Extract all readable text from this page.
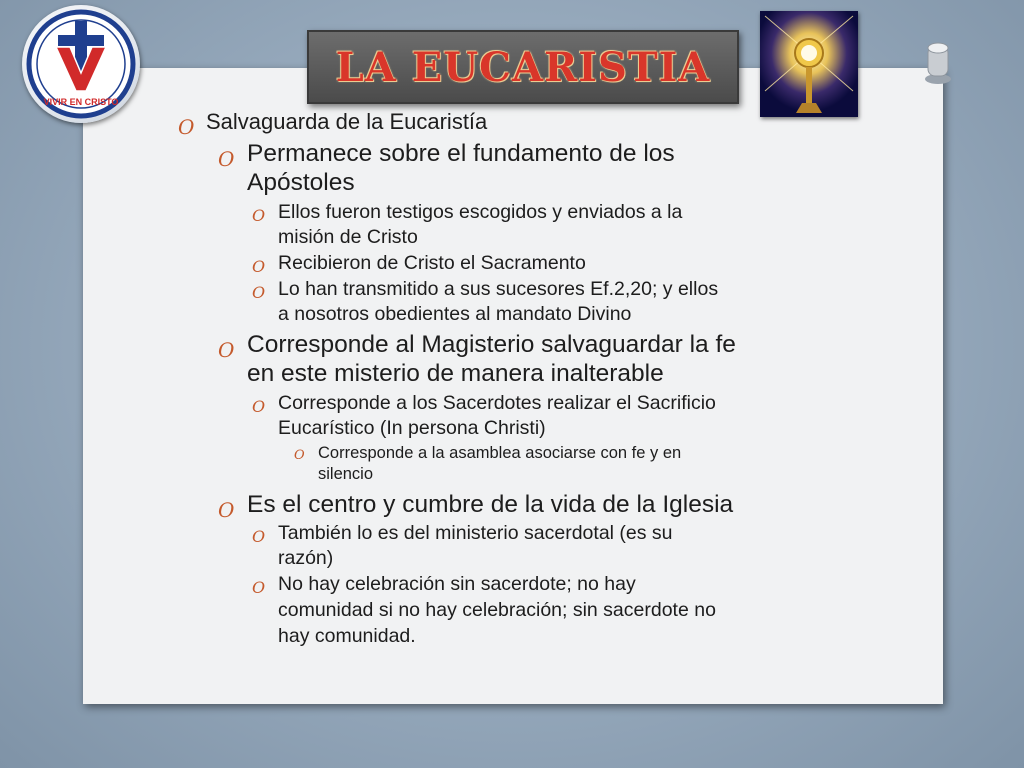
VIVIR EN CRISTO
LA EUCARISTIA
O Salvaguarda de la Eucaristía
O Permanece sobre el fundamento de los
Apóstoles
O Ellos fueron testigos escogidos y enviados a la
misión de Cristo
O Recibieron de Cristo el Sacramento
O Lo han transmitido a sus sucesores Ef.2,20; y ellos
a nosotros obedientes al mandato Divino
O Corresponde al Magisterio salvaguardar la fe
en este misterio de manera inalterable
O Corresponde a los Sacerdotes realizar el Sacrificio
Eucarístico (In persona Christi)
O Corresponde a la asamblea asociarse con fe y en
silencio
O Es el centro y cumbre de la vida de la Iglesia
O También lo es del ministerio sacerdotal (es su
razón)
O No hay celebración sin sacerdote; no hay
comunidad si no hay celebración; sin sacerdote no
hay comunidad.
